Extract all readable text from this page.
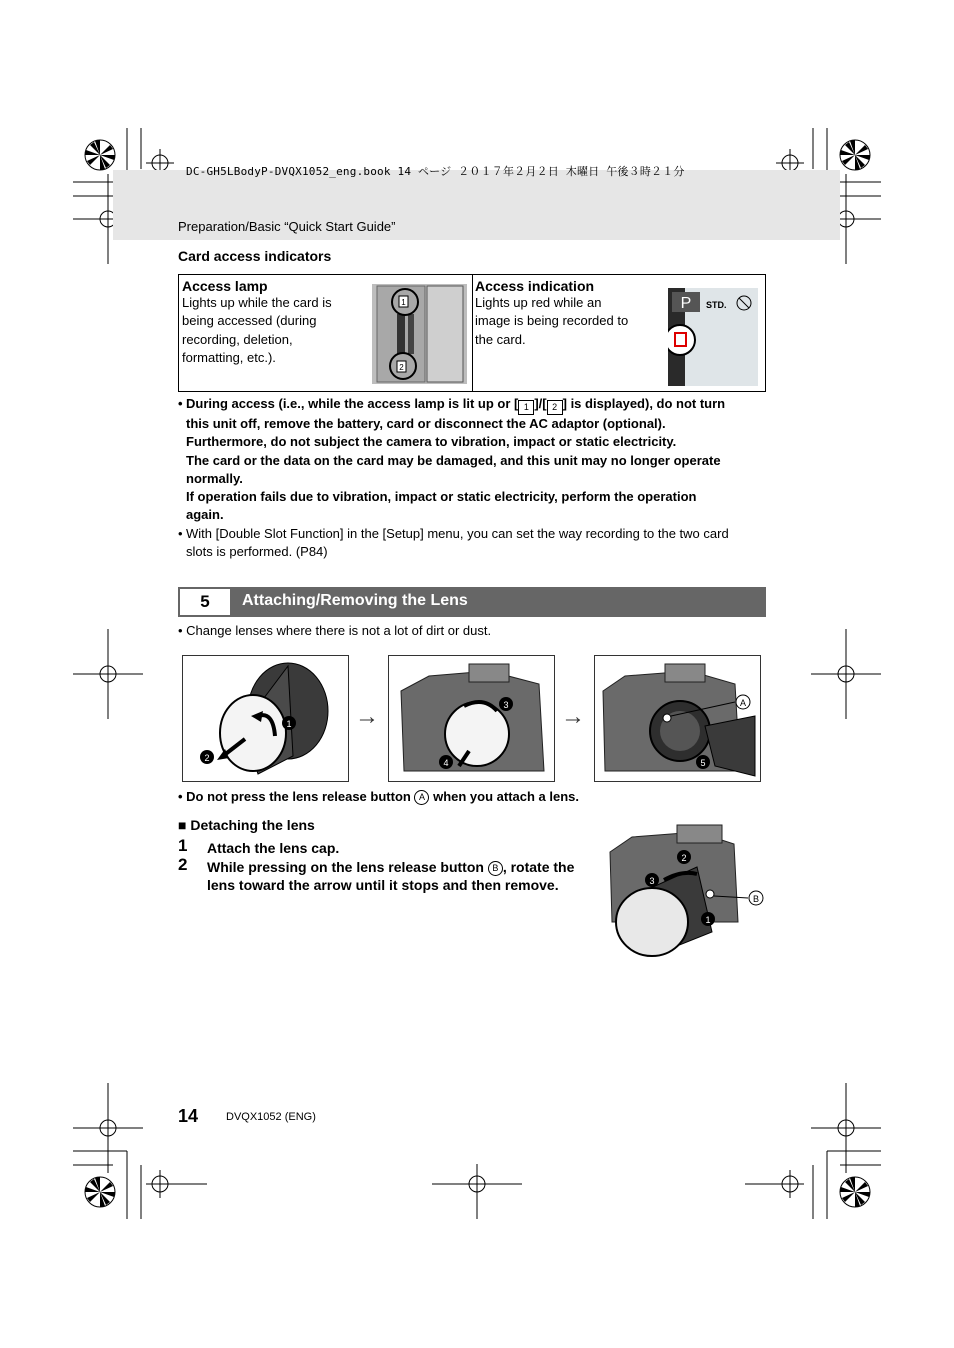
DC-GH5LBodyP-DVQX1052_eng.book 14 ページ ２０１７年２月２日 木曜日 午後３時２１分
Preparation/Basic “Quick Start Guide”
Card access indicators
Access lamp
Lights up while the card is
being accessed (during
recording, deletion,
formatting, etc.).
1
2
Access indication
Lights up red while an
image is being recorded to
the card.
P STD.
• During access (i.e., while the access lamp is lit up or [ 1 ]/[ 2 ] is displayed), do not turn
this unit off, remove the battery, card or disconnect the AC adaptor (optional).
Furthermore, do not subject the camera to vibration, impact or static electricity.
The card or the data on the card may be damaged, and this unit may no longer operate
normally.
If operation fails due to vibration, impact or static electricity, perform the operation
again.
• With [Double Slot Function] in the [Setup] menu, you can set the way recording to the two card
slots is performed. (P84)
5	Attaching/Removing the Lens
• Change lenses where there is not a lot of dirt or dust.
1
2
→	3
4
→	A
5
• Do not press the lens release button A when you attach a lens.
■ Detaching the lens
1 Attach the lens cap.
2 While pressing on the lens release button B , rotate the
lens toward the arrow until it stops and then remove.
2
3
1
B
14	DVQX1052 (ENG)
